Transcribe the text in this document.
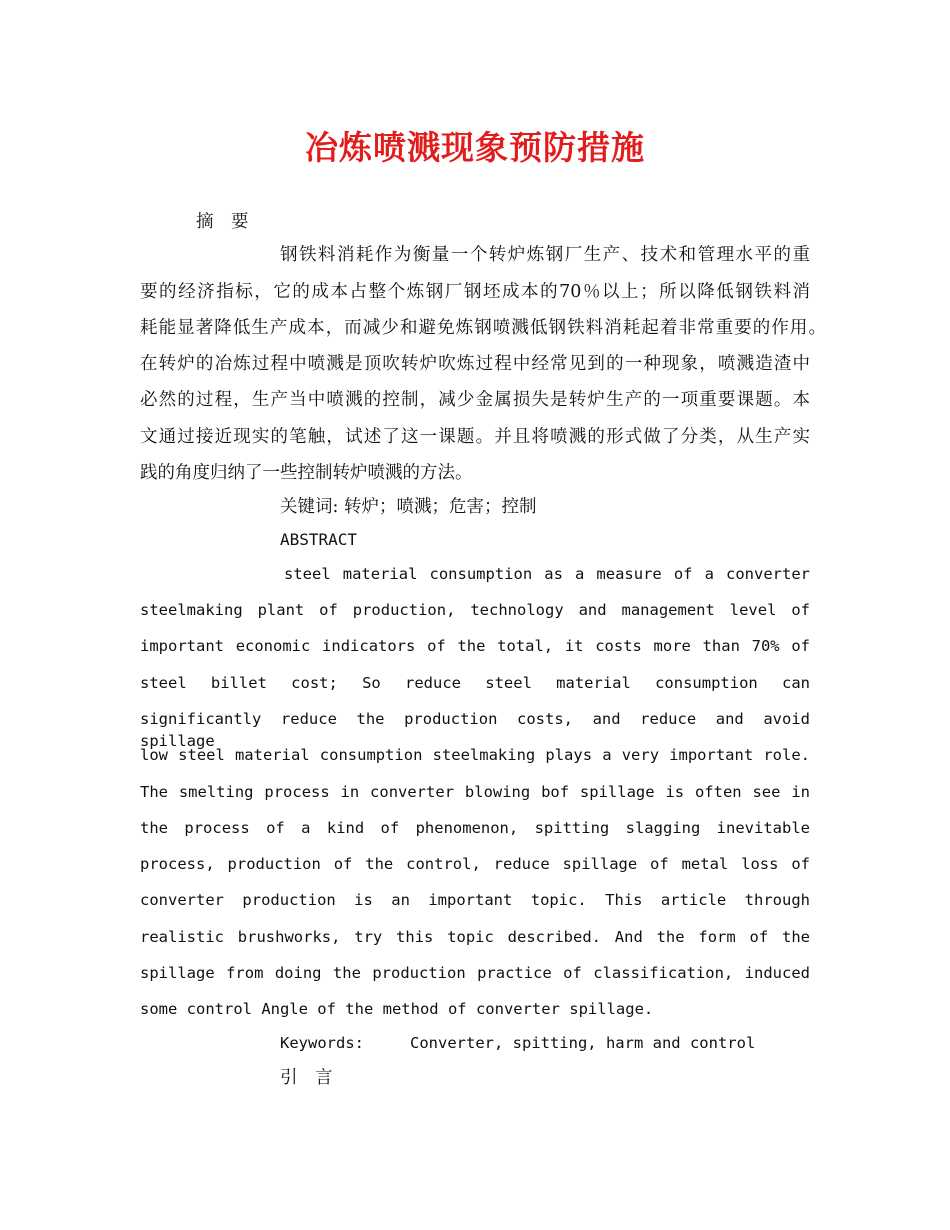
冶炼喷溅现象预防措施
摘　要
钢铁料消耗作为衡量一个转炉炼钢厂生产、技术和管理水平的重
要的经济指标，它的成本占整个炼钢厂钢坯成本的70％以上；所以降低钢铁料消
耗能显著降低生产成本，而减少和避免炼钢喷溅低钢铁料消耗起着非常重要的作用。
在转炉的冶炼过程中喷溅是顶吹转炉吹炼过程中经常见到的一种现象，喷溅造渣中
必然的过程，生产当中喷溅的控制，减少金属损失是转炉生产的一项重要课题。本
文通过接近现实的笔触，试述了这一课题。并且将喷溅的形式做了分类，从生产实
践的角度归纳了一些控制转炉喷溅的方法。
关键词: 转炉；喷溅；危害；控制
ABSTRACT
steel material consumption as a measure of a converter
steelmaking plant of production, technology and management level of
important economic indicators of the total, it costs more than 70% of
steel billet cost; So reduce steel material consumption can
significantly reduce the production costs, and reduce and avoid spillage
low steel material consumption steelmaking plays a very important role.
The smelting process in converter blowing bof spillage is often see in
the process of a kind of phenomenon, spitting slagging inevitable
process, production of the control, reduce spillage of metal loss of
converter production is an important topic. This article through
realistic brushworks, try this topic described. And the form of the
spillage from doing the production practice of classification, induced
some control Angle of the method of converter spillage.
Keywords:	Converter, spitting, harm and control
引　言
